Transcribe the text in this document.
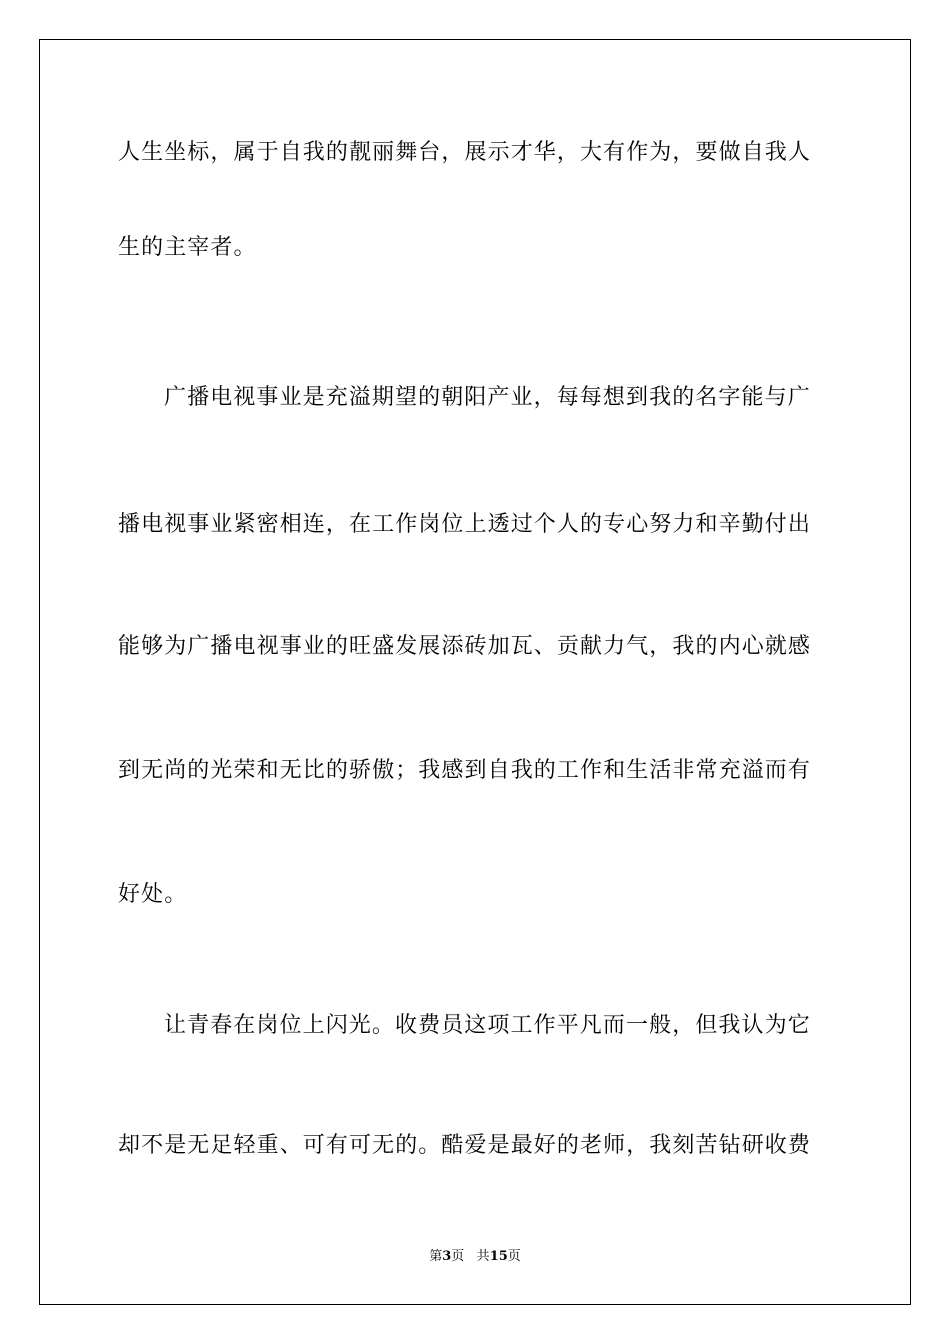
人生坐标，属于自我的靓丽舞台，展示才华，大有作为，要做自我人
生的主宰者。
广播电视事业是充溢期望的朝阳产业，每每想到我的名字能与广
播电视事业紧密相连，在工作岗位上透过个人的专心努力和辛勤付出
能够为广播电视事业的旺盛发展添砖加瓦、贡献力气，我的内心就感
到无尚的光荣和无比的骄傲；我感到自我的工作和生活非常充溢而有
好处。
让青春在岗位上闪光。收费员这项工作平凡而一般，但我认为它
却不是无足轻重、可有可无的。酷爱是最好的老师，我刻苦钻研收费
第3页 共15页
